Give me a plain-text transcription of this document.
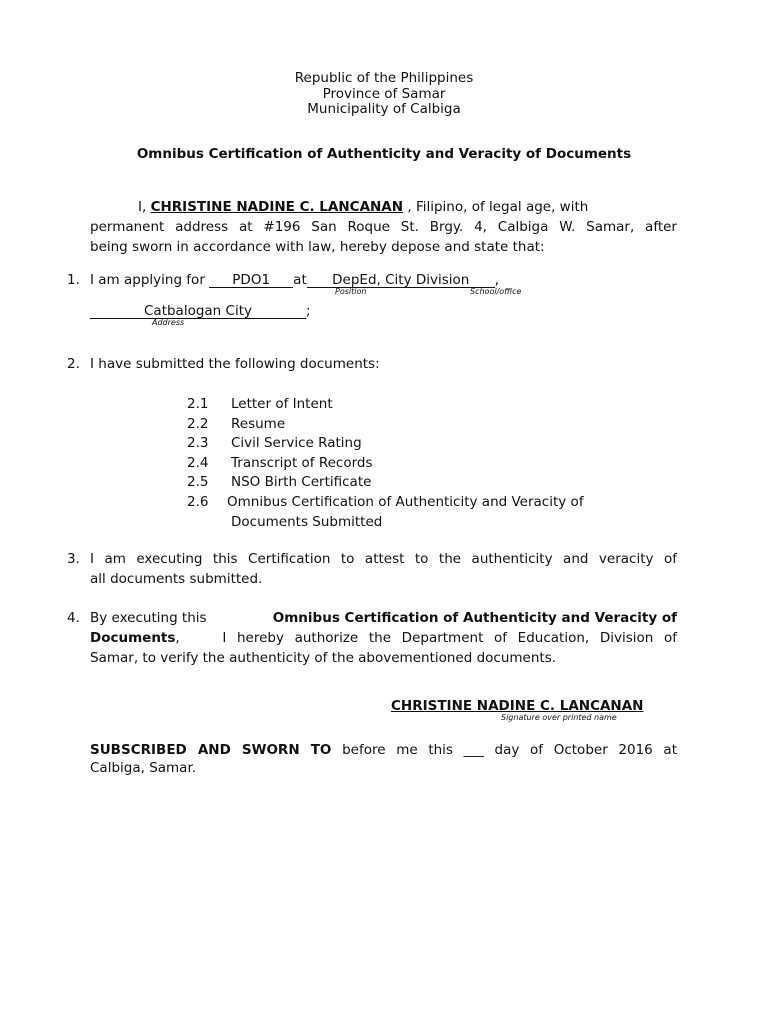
Republic of the Philippines
Province of Samar
Municipality of Calbiga
Omnibus Certification of Authenticity and Veracity of Documents
I, CHRISTINE NADINE C. LANCANAN , Filipino, of legal age, with
permanent address at #196 San Roque St. Brgy. 4, Calbiga W. Samar, after
being sworn in accordance with law, hereby depose and state that:
1. I am applying for PDO1 at DepEd, City Division ,
Position	School/office
Catbalogan City	;
Address
2. I have submitted the following documents:
2.1 Letter of Intent
2.2 Resume
2.3 Civil Service Rating
2.4 Transcript of Records
2.5 NSO Birth Certificate
2.6 Omnibus Certification of Authenticity and Veracity of
Documents Submitted
3. I am executing this Certification to attest to the authenticity and veracity of
all documents submitted.
4. By executing this	Omnibus Certification of Authenticity and Veracity of
Documents ,    I hereby authorize the Department of Education, Division of
Samar, to verify the authenticity of the abovementioned documents.
CHRISTINE NADINE C. LANCANAN
Signature over printed name
SUBSCRIBED AND SWORN TO before me this ___ day of October 2016 at
Calbiga, Samar.
